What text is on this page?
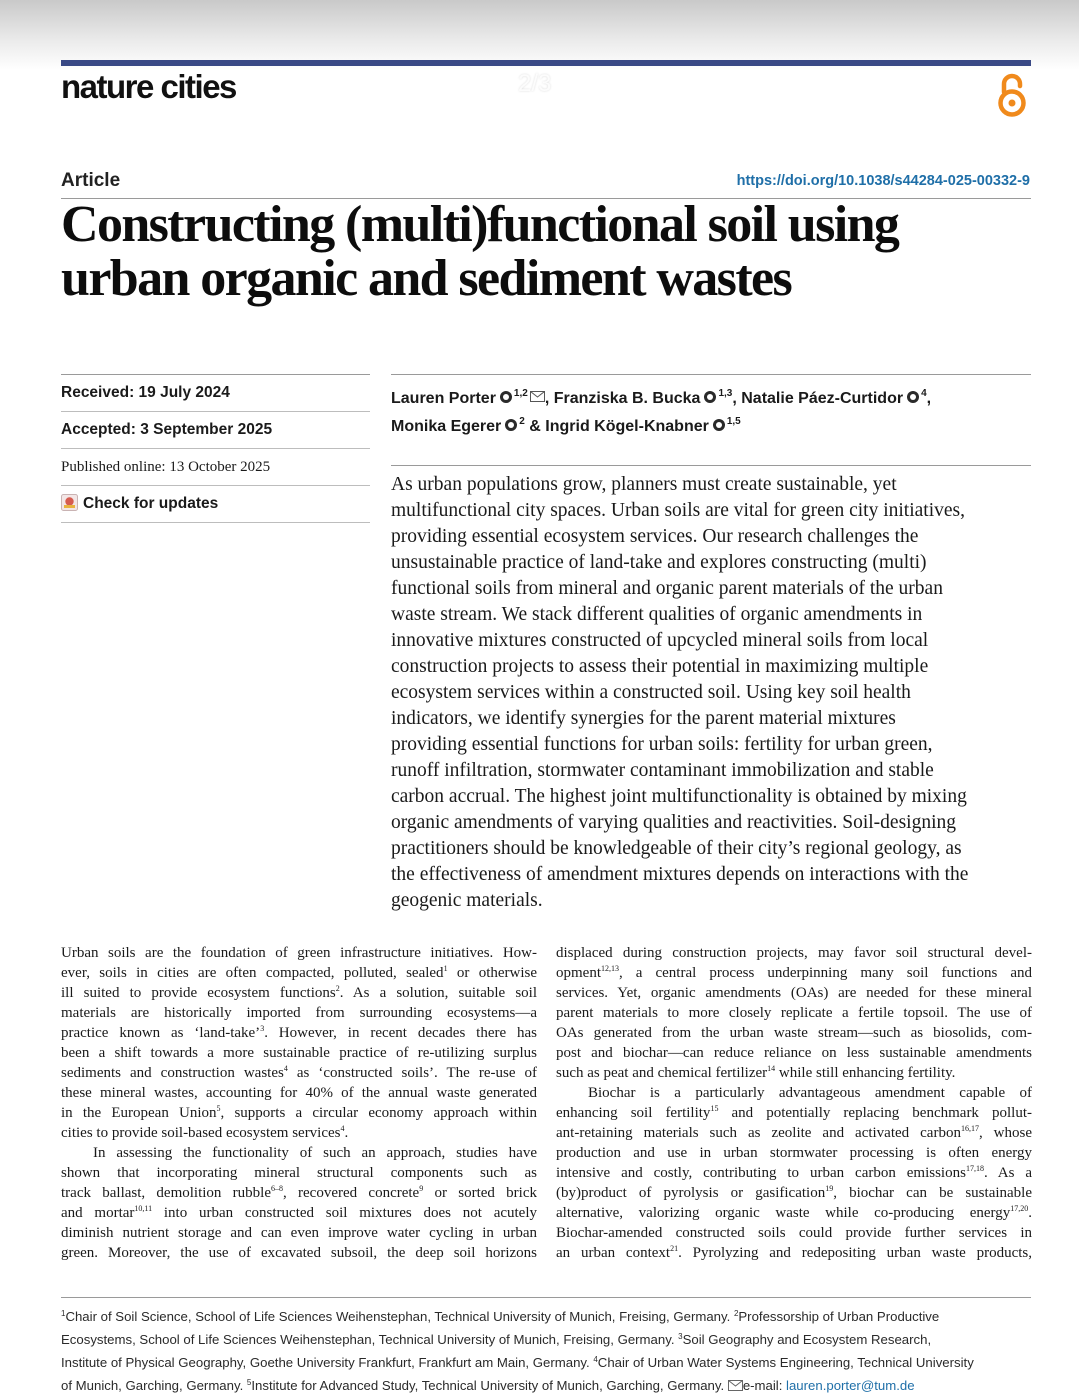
2/3
nature cities
Article	https://doi.org/10.1038/s44284-025-00332-9
Constructing (multi)functional soil using
urban organic and sediment wastes
Received: 19 July 2024
Accepted: 3 September 2025
Published online: 13 October 2025
Check for updates
Lauren Porter $^{1,2}$ , Franziska B. Bucka $^{1,3}$, Natalie Páez-Curtidor $^4$,
Monika Egerer $^2$ & Ingrid Kögel-Knabner $^{1,5}$
As urban populations grow, planners must create sustainable, yet
multifunctional city spaces. Urban soils are vital for green city initiatives,
providing essential ecosystem services. Our research challenges the
unsustainable practice of land-take and explores constructing (multi)
functional soils from mineral and organic parent materials of the urban
waste stream. We stack different qualities of organic amendments in
innovative mixtures constructed of upcycled mineral soils from local
construction projects to assess their potential in maximizing multiple
ecosystem services within a constructed soil. Using key soil health
indicators, we identify synergies for the parent material mixtures
providing essential functions for urban soils: fertility for urban green,
runoff infiltration, stormwater contaminant immobilization and stable
carbon accrual. The highest joint multifunctionality is obtained by mixing
organic amendments of varying qualities and reactivities. Soil-designing
practitioners should be knowledgeable of their city’s regional geology, as
the effectiveness of amendment mixtures depends on interactions with the
geogenic materials.
Urban soils are the foundation of green infrastructure initiatives. How-
ever, soils in cities are often compacted, polluted, sealed$^1$ or otherwise
ill suited to provide ecosystem functions$^2$. As a solution, suitable soil
materials are historically imported from surrounding ecosystems—a
practice known as ‘land-take’$^3$. However, in recent decades there has
been a shift towards a more sustainable practice of re-utilizing surplus
sediments and construction wastes$^4$ as ‘constructed soils’. The re-use of
these mineral wastes, accounting for 40% of the annual waste generated
in the European Union$^5$, supports a circular economy approach within
cities to provide soil-based ecosystem services$^4$.
In assessing the functionality of such an approach, studies have
shown that incorporating mineral structural components such as
track ballast, demolition rubble$^{6-8}$, recovered concrete$^9$ or sorted brick
and mortar$^{10,11}$ into urban constructed soil mixtures does not acutely
diminish nutrient storage and can even improve water cycling in urban
green. Moreover, the use of excavated subsoil, the deep soil horizons
displaced during construction projects, may favor soil structural devel-
opment$^{12,13}$, a central process underpinning many soil functions and
services. Yet, organic amendments (OAs) are needed for these mineral
parent materials to more closely replicate a fertile topsoil. The use of
OAs generated from the urban waste stream—such as biosolids, com-
post and biochar—can reduce reliance on less sustainable amendments
such as peat and chemical fertilizer$^{14}$ while still enhancing fertility.
Biochar is a particularly advantageous amendment capable of
enhancing soil fertility$^{15}$ and potentially replacing benchmark pollut-
ant-retaining materials such as zeolite and activated carbon$^{16,17}$, whose
production and use in urban stormwater processing is often energy
intensive and costly, contributing to urban carbon emissions$^{17,18}$. As a
(by)product of pyrolysis or gasification$^{19}$, biochar can be sustainable
alternative, valorizing organic waste while co-producing energy$^{17,20}$.
Biochar-amended constructed soils could provide further services in
an urban context$^{21}$. Pyrolyzing and redepositing urban waste products,
$^1$Chair of Soil Science, School of Life Sciences Weihenstephan, Technical University of Munich, Freising, Germany. $^2$Professorship of Urban Productive
Ecosystems, School of Life Sciences Weihenstephan, Technical University of Munich, Freising, Germany. $^3$Soil Geography and Ecosystem Research,
Institute of Physical Geography, Goethe University Frankfurt, Frankfurt am Main, Germany. $^4$Chair of Urban Water Systems Engineering, Technical University
of Munich, Garching, Germany. $^5$Institute for Advanced Study, Technical University of Munich, Garching, Germany. e-mail: lauren.porter@tum.de
